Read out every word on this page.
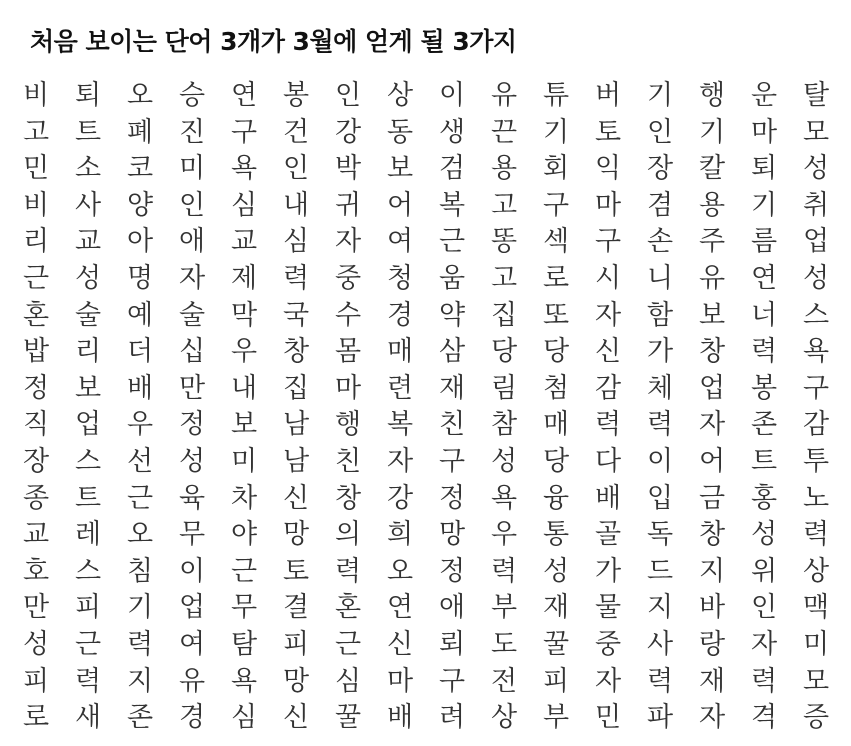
처음 보이는 단어 3개가 3월에 얻게 될 3가지
비 퇴 오 승 연 봉 인 상 이 유 튜 버 기 행 운 탈
고 트 폐 진 구 건 강 동 생 끈 기 토 인 기 마 모
민 소 코 미 욕 인 박 보 검 용 회 익 장 칼 퇴 성
비 사 양 인 심 내 귀 어 복 고 구 마 겸 용 기 취
리 교 아 애 교 심 자 여 근 똥 섹 구 손 주 름 업
근 성 명 자 제 력 중 청 움 고 로 시 니 유 연 성
혼 술 예 술 막 국 수 경 약 집 또 자 함 보 너 스
밥 리 더 십 우 창 몸 매 삼 당 당 신 가 창 력 욕
정 보 배 만 내 집 마 련 재 림 첨 감 체 업 봉 구
직 업 우 정 보 남 행 복 친 참 매 력 력 자 존 감
장 스 선 성 미 남 친 자 구 성 당 다 이 어 트 투
종 트 근 육 차 신 창 강 정 욕 융 배 입 금 홍 노
교 레 오 무 야 망 의 희 망 우 통 골 독 창 성 력
호 스 침 이 근 토 력 오 정 력 성 가 드 지 위 상
만 피 기 업 무 결 혼 연 애 부 재 물 지 바 인 맥
성 근 력 여 탐 피 근 신 뢰 도 꿀 중 사 랑 자 미
피 력 지 유 욕 망 심 마 구 전 피 자 력 재 력 모
로 새 존 경 심 신 꿀 배 려 상 부 민 파 자 격 증
